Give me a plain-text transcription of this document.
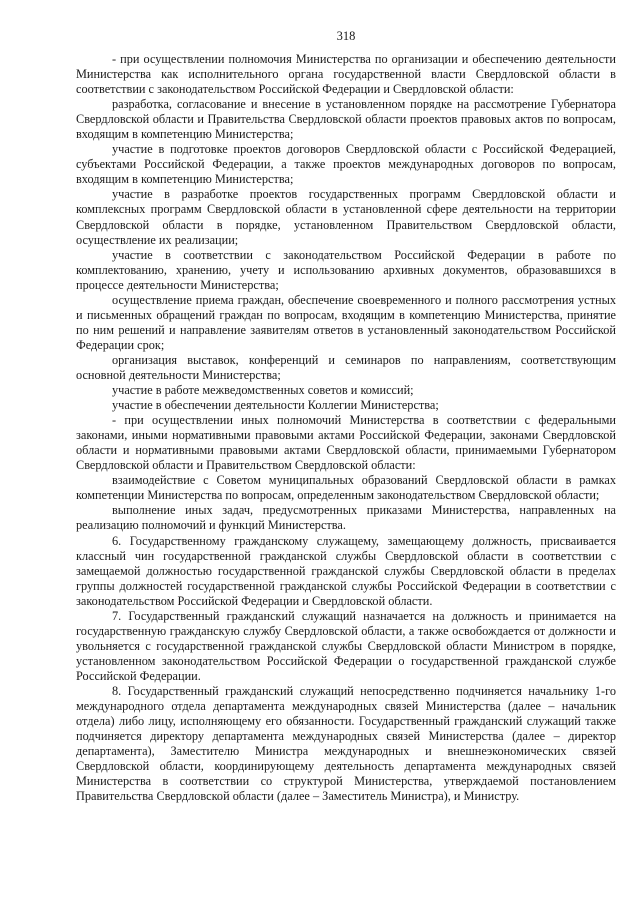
318

- при осуществлении полномочия Министерства по организации и обеспечению деятельности Министерства как исполнительного органа государственной власти Свердловской области в соответствии с законодательством Российской Федерации и Свердловской области:

разработка, согласование и внесение в установленном порядке на рассмотрение Губернатора Свердловской области и Правительства Свердловской области проектов правовых актов по вопросам, входящим в компетенцию Министерства;

участие в подготовке проектов договоров Свердловской области с Российской Федерацией, субъектами Российской Федерации, а также проектов международных договоров по вопросам, входящим в компетенцию Министерства;

участие в разработке проектов государственных программ Свердловской области и комплексных программ Свердловской области в установленной сфере деятельности на территории Свердловской области в порядке, установленном Правительством Свердловской области, осуществление их реализации;

участие в соответствии с законодательством Российской Федерации в работе по комплектованию, хранению, учету и использованию архивных документов, образовавшихся в процессе деятельности Министерства;

осуществление приема граждан, обеспечение своевременного и полного рассмотрения устных и письменных обращений граждан по вопросам, входящим в компетенцию Министерства, принятие по ним решений и направление заявителям ответов в установленный законодательством Российской Федерации срок;

организация выставок, конференций и семинаров по направлениям, соответствующим основной деятельности Министерства;

участие в работе межведомственных советов и комиссий;

участие в обеспечении деятельности Коллегии Министерства;

- при осуществлении иных полномочий Министерства в соответствии с федеральными законами, иными нормативными правовыми актами Российской Федерации, законами Свердловской области и нормативными правовыми актами Свердловской области, принимаемыми Губернатором Свердловской области и Правительством Свердловской области:

взаимодействие с Советом муниципальных образований Свердловской области в рамках компетенции Министерства по вопросам, определенным законодательством Свердловской области;

выполнение иных задач, предусмотренных приказами Министерства, направленных на реализацию полномочий и функций Министерства.

6. Государственному гражданскому служащему, замещающему должность, присваивается классный чин государственной гражданской службы Свердловской области в соответствии с замещаемой должностью государственной гражданской службы Свердловской области в пределах группы должностей государственной гражданской службы Российской Федерации в соответствии с законодательством Российской Федерации и Свердловской области.

7. Государственный гражданский служащий назначается на должность и принимается на государственную гражданскую службу Свердловской области, а также освобождается от должности и увольняется с государственной гражданской службы Свердловской области Министром в порядке, установленном законодательством Российской Федерации о государственной гражданской службе Российской Федерации.

8. Государственный гражданский служащий непосредственно подчиняется начальнику 1-го международного отдела департамента международных связей Министерства (далее – начальник отдела) либо лицу, исполняющему его обязанности. Государственный гражданский служащий также подчиняется директору департамента международных связей Министерства (далее – директор департамента), Заместителю Министра международных и внешнеэкономических связей Свердловской области, координирующему деятельность департамента международных связей Министерства в соответствии со структурой Министерства, утверждаемой постановлением Правительства Свердловской области (далее – Заместитель Министра), и Министру.
